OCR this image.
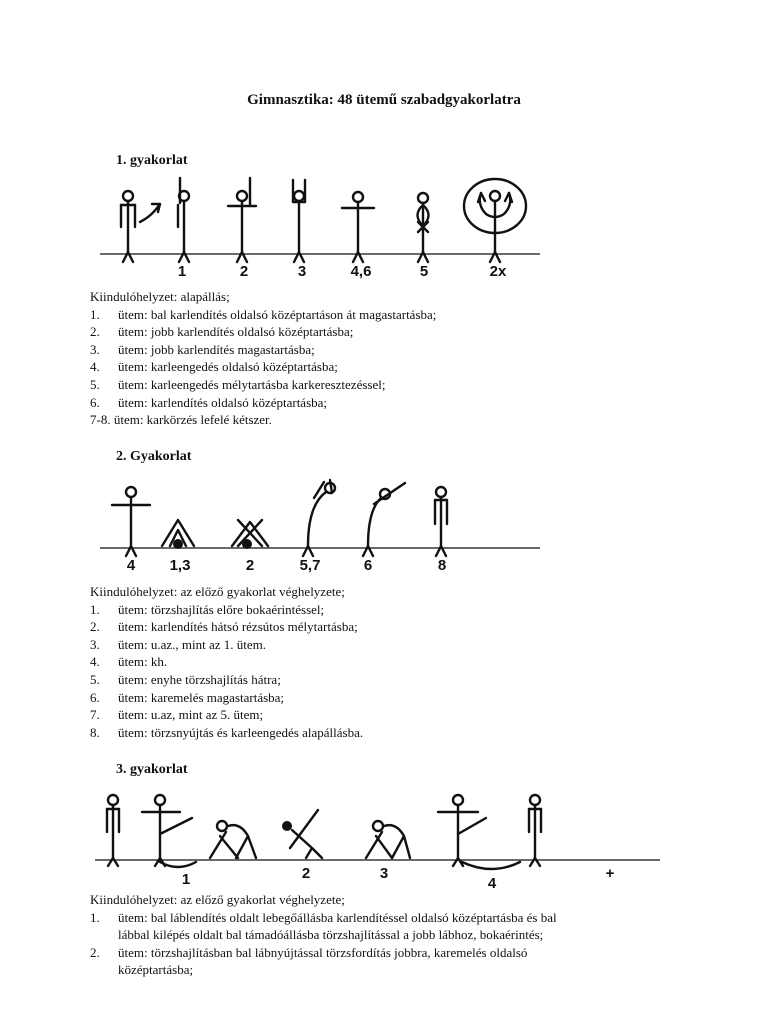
Gimnasztika: 48 ütemű szabadgyakorlatra
1. gyakorlat
1	2	3	4,6	5	2x
Kiindulóhelyzet: alapállás;
1. ütem: bal karlendítés oldalsó középtartáson át magastartásba;
2. ütem: jobb karlendítés oldalsó középtartásba;
3. ütem: jobb karlendítés magastartásba;
4. ütem: karleengedés oldalsó középtartásba;
5. ütem: karleengedés mélytartásba karkeresztezéssel;
6. ütem: karlendítés oldalsó középtartásba;
7-8. ütem: karkörzés lefelé kétszer.
2. Gyakorlat
4 1,3	2	5,7	6	8
Kiindulóhelyzet: az előző gyakorlat véghelyzete;
1. ütem: törzshajlítás előre bokaérintéssel;
2. ütem: karlendítés hátsó rézsútos mélytartásba;
3. ütem: u.az., mint az 1. ütem.
4. ütem: kh.
5. ütem: enyhe törzshajlítás hátra;
6. ütem: karemelés magastartásba;
7. ütem: u.az, mint az 5. ütem;
8. ütem: törzsnyújtás és karleengedés alapállásba.
3. gyakorlat
1	2	3
4
+
Kiindulóhelyzet: az előző gyakorlat véghelyzete;
1. ütem: bal láblendítés oldalt lebegőállásba karlendítéssel oldalsó középtartásba és bal
lábbal kilépés oldalt bal támadóállásba törzshajlítással a jobb lábhoz, bokaérintés;
2. ütem: törzshajlításban bal lábnyújtással törzsfordítás jobbra, karemelés oldalsó
középtartásba;
